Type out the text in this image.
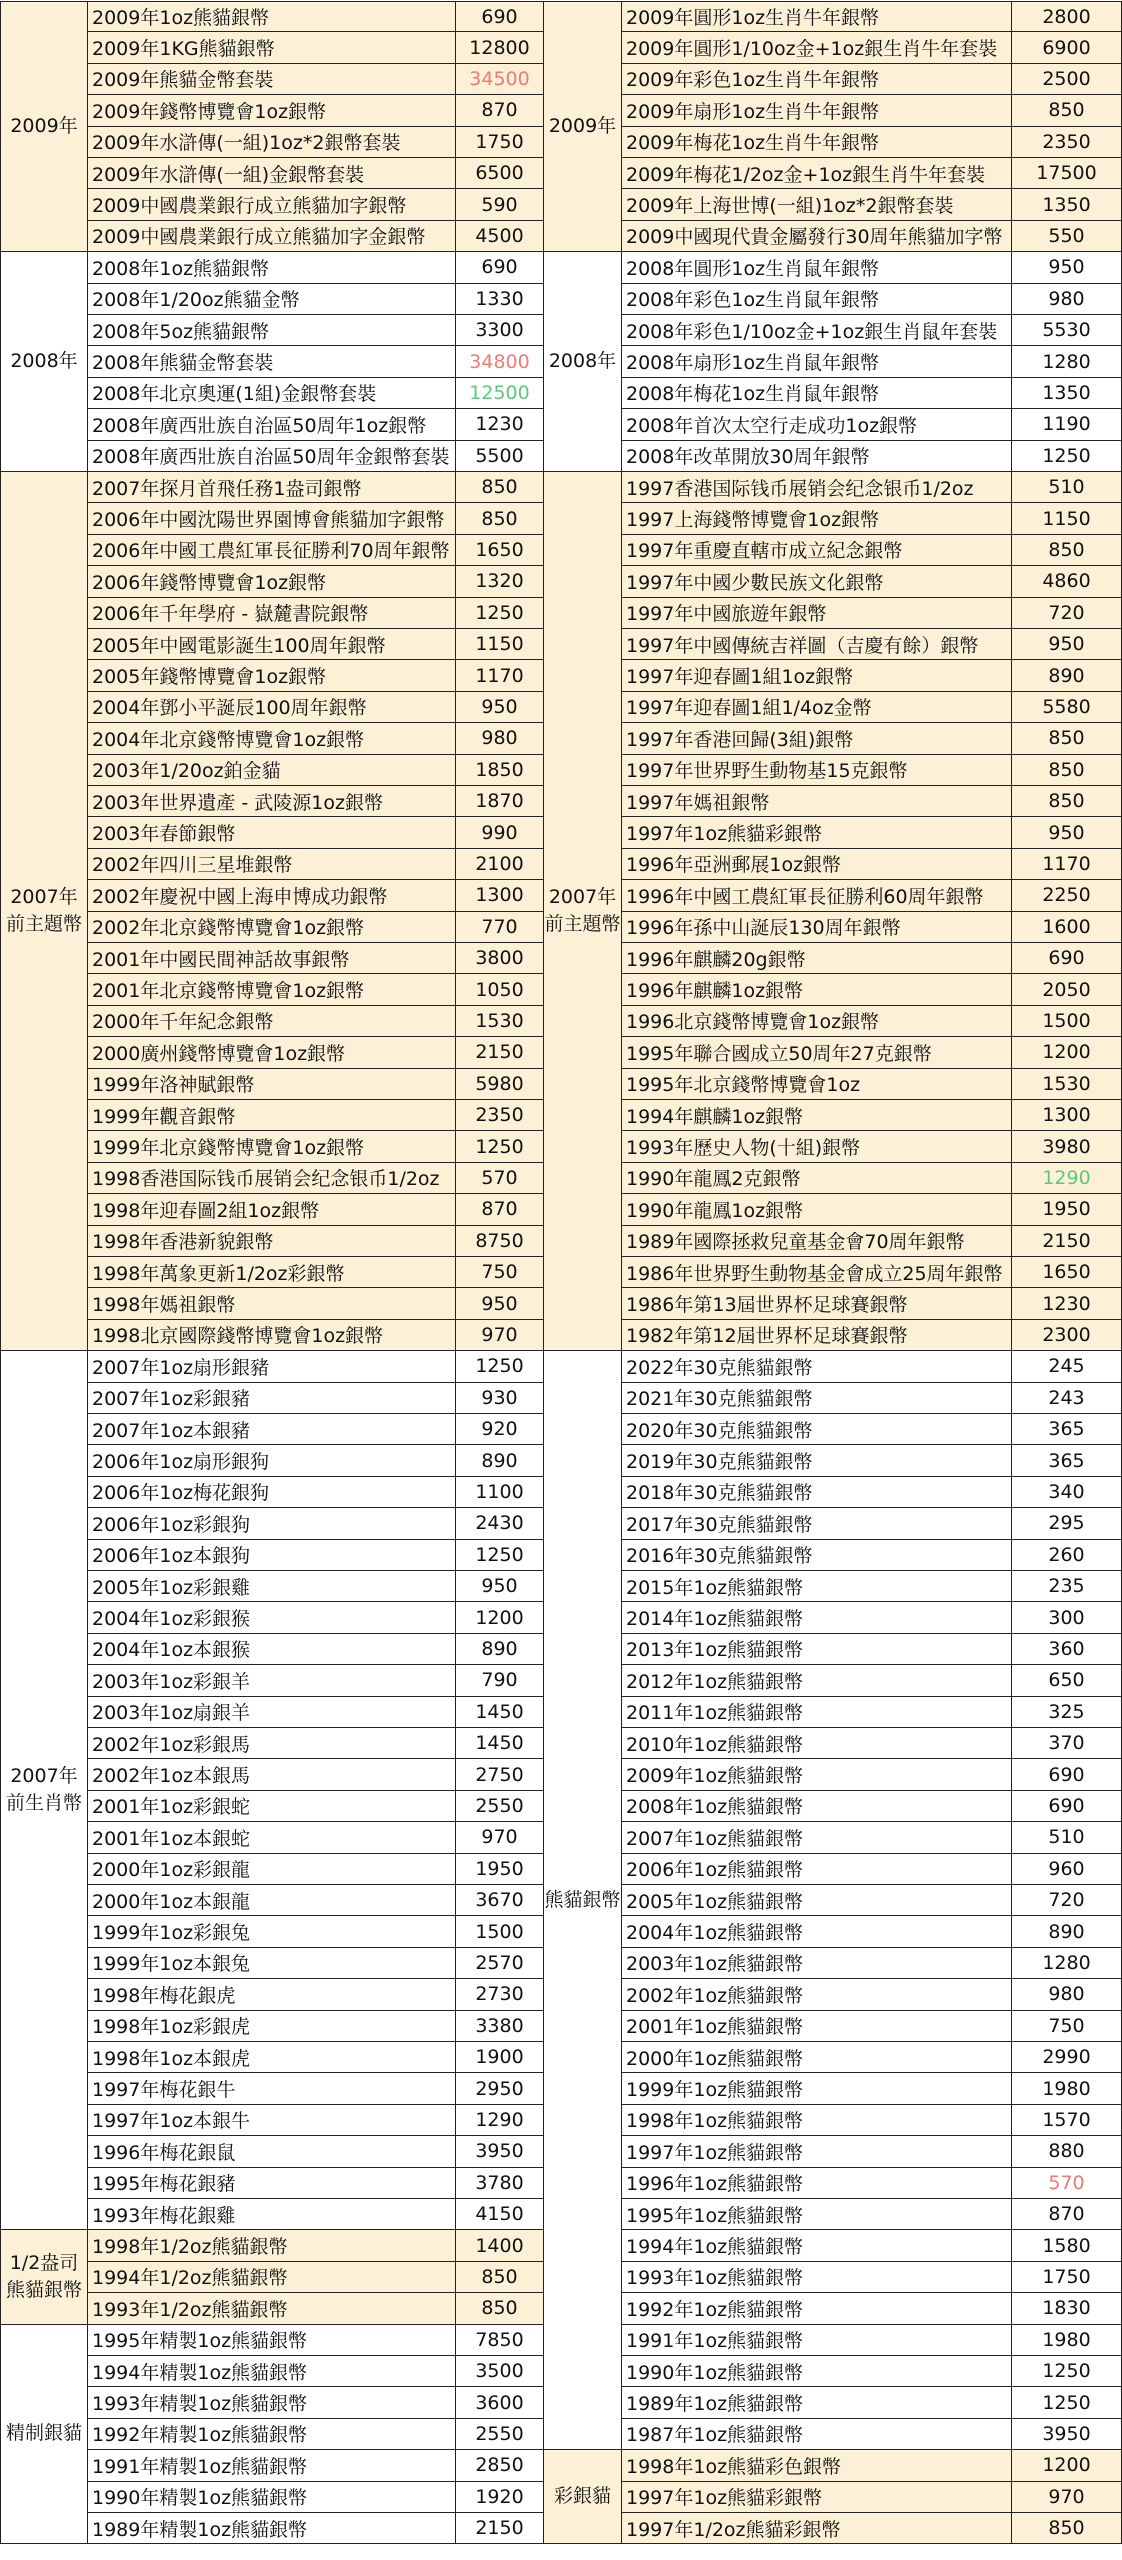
2009年
2009年1oz熊貓銀幣	690
2009年1KG熊貓銀幣	12800
2009年熊貓金幣套裝	34500
2009年錢幣博覽會1oz銀幣	870
2009年水滸傳(一組)1oz*2銀幣套裝	1750
2009年水滸傳(一組)金銀幣套裝	6500
2009中國農業銀行成立熊貓加字銀幣	590
2009中國農業銀行成立熊貓加字金銀幣	4500
2008年
2008年1oz熊貓銀幣	690
2008年1/20oz熊貓金幣	1330
2008年5oz熊貓銀幣	3300
2008年熊貓金幣套裝	34800
2008年北京奧運(1組)金銀幣套裝	12500
2008年廣西壯族自治區50周年1oz銀幣	1230
2008年廣西壯族自治區50周年金銀幣套裝	5500
2007年前主題幣
2007年探月首飛任務1盎司銀幣	850
2006年中國沈陽世界園博會熊貓加字銀幣	850
2006年中國工農紅軍長征勝利70周年銀幣	1650
2006年錢幣博覽會1oz銀幣	1320
2006年千年學府 - 嶽麓書院銀幣	1250
2005年中國電影誕生100周年銀幣	1150
2005年錢幣博覽會1oz銀幣	1170
2004年鄧小平誕辰100周年銀幣	950
2004年北京錢幣博覽會1oz銀幣	980
2003年1/20oz鉑金貓	1850
2003年世界遺產 - 武陵源1oz銀幣	1870
2003年春節銀幣	990
2002年四川三星堆銀幣	2100
2002年慶祝中國上海申博成功銀幣	1300
2002年北京錢幣博覽會1oz銀幣	770
2001年中國民間神話故事銀幣	3800
2001年北京錢幣博覽會1oz銀幣	1050
2000年千年紀念銀幣	1530
2000廣州錢幣博覽會1oz銀幣	2150
1999年洛神賦銀幣	5980
1999年觀音銀幣	2350
1999年北京錢幣博覽會1oz銀幣	1250
1998香港国际钱币展销会纪念银币1/2oz	570
1998年迎春圖2組1oz銀幣	870
1998年香港新貌銀幣	8750
1998年萬象更新1/2oz彩銀幣	750
1998年媽祖銀幣	950
1998北京國際錢幣博覽會1oz銀幣	970
2007年前生肖幣
2007年1oz扇形銀豬	1250
2007年1oz彩銀豬	930
2007年1oz本銀豬	920
2006年1oz扇形銀狗	890
2006年1oz梅花銀狗	1100
2006年1oz彩銀狗	2430
2006年1oz本銀狗	1250
2005年1oz彩銀雞	950
2004年1oz彩銀猴	1200
2004年1oz本銀猴	890
2003年1oz彩銀羊	790
2003年1oz扇銀羊	1450
2002年1oz彩銀馬	1450
2002年1oz本銀馬	2750
2001年1oz彩銀蛇	2550
2001年1oz本銀蛇	970
2000年1oz彩銀龍	1950
2000年1oz本銀龍	3670
1999年1oz彩銀兔	1500
1999年1oz本銀兔	2570
1998年梅花銀虎	2730
1998年1oz彩銀虎	3380
1998年1oz本銀虎	1900
1997年梅花銀牛	2950
1997年1oz本銀牛	1290
1996年梅花銀鼠	3950
1995年梅花銀豬	3780
1993年梅花銀雞	4150
1/2盎司熊貓銀幣
1998年1/2oz熊貓銀幣	1400
1994年1/2oz熊貓銀幣	850
1993年1/2oz熊貓銀幣	850
精制銀貓
1995年精製1oz熊貓銀幣	7850
1994年精製1oz熊貓銀幣	3500
1993年精製1oz熊貓銀幣	3600
1992年精製1oz熊貓銀幣	2550
1991年精製1oz熊貓銀幣	2850
1990年精製1oz熊貓銀幣	1920
1989年精製1oz熊貓銀幣	2150
2009年
2009年圓形1oz生肖牛年銀幣	2800
2009年圓形1/10oz金+1oz銀生肖牛年套裝	6900
2009年彩色1oz生肖牛年銀幣	2500
2009年扇形1oz生肖牛年銀幣	850
2009年梅花1oz生肖牛年銀幣	2350
2009年梅花1/2oz金+1oz銀生肖牛年套裝	17500
2009年上海世博(一組)1oz*2銀幣套裝	1350
2009中國現代貴金屬發行30周年熊貓加字幣	550
2008年
2008年圓形1oz生肖鼠年銀幣	950
2008年彩色1oz生肖鼠年銀幣	980
2008年彩色1/10oz金+1oz銀生肖鼠年套裝	5530
2008年扇形1oz生肖鼠年銀幣	1280
2008年梅花1oz生肖鼠年銀幣	1350
2008年首次太空行走成功1oz銀幣	1190
2008年改革開放30周年銀幣	1250
2007年前主題幣
1997香港国际钱币展销会纪念银币1/2oz	510
1997上海錢幣博覽會1oz銀幣	1150
1997年重慶直轄市成立紀念銀幣	850
1997年中國少數民族文化銀幣	4860
1997年中國旅遊年銀幣	720
1997年中國傳統吉祥圖（吉慶有餘）銀幣	950
1997年迎春圖1組1oz銀幣	890
1997年迎春圖1組1/4oz金幣	5580
1997年香港回歸(3組)銀幣	850
1997年世界野生動物基15克銀幣	850
1997年媽祖銀幣	850
1997年1oz熊貓彩銀幣	950
1996年亞洲郵展1oz銀幣	1170
1996年中國工農紅軍長征勝利60周年銀幣	2250
1996年孫中山誕辰130周年銀幣	1600
1996年麒麟20g銀幣	690
1996年麒麟1oz銀幣	2050
1996北京錢幣博覽會1oz銀幣	1500
1995年聯合國成立50周年27克銀幣	1200
1995年北京錢幣博覽會1oz	1530
1994年麒麟1oz銀幣	1300
1993年歷史人物(十組)銀幣	3980
1990年龍鳳2克銀幣	1290
1990年龍鳳1oz銀幣	1950
1989年國際拯救兒童基金會70周年銀幣	2150
1986年世界野生動物基金會成立25周年銀幣	1650
1986年第13屆世界杯足球賽銀幣	1230
1982年第12屆世界杯足球賽銀幣	2300
熊貓銀幣
2022年30克熊貓銀幣	245
2021年30克熊貓銀幣	243
2020年30克熊貓銀幣	365
2019年30克熊貓銀幣	365
2018年30克熊貓銀幣	340
2017年30克熊貓銀幣	295
2016年30克熊貓銀幣	260
2015年1oz熊貓銀幣	235
2014年1oz熊貓銀幣	300
2013年1oz熊貓銀幣	360
2012年1oz熊貓銀幣	650
2011年1oz熊貓銀幣	325
2010年1oz熊貓銀幣	370
2009年1oz熊貓銀幣	690
2008年1oz熊貓銀幣	690
2007年1oz熊貓銀幣	510
2006年1oz熊貓銀幣	960
2005年1oz熊貓銀幣	720
2004年1oz熊貓銀幣	890
2003年1oz熊貓銀幣	1280
2002年1oz熊貓銀幣	980
2001年1oz熊貓銀幣	750
2000年1oz熊貓銀幣	2990
1999年1oz熊貓銀幣	1980
1998年1oz熊貓銀幣	1570
1997年1oz熊貓銀幣	880
1996年1oz熊貓銀幣	570
1995年1oz熊貓銀幣	870
1994年1oz熊貓銀幣	1580
1993年1oz熊貓銀幣	1750
1992年1oz熊貓銀幣	1830
1991年1oz熊貓銀幣	1980
1990年1oz熊貓銀幣	1250
1989年1oz熊貓銀幣	1250
1987年1oz熊貓銀幣	3950
彩銀貓
1998年1oz熊貓彩色銀幣	1200
1997年1oz熊貓彩銀幣	970
1997年1/2oz熊貓彩銀幣	850
